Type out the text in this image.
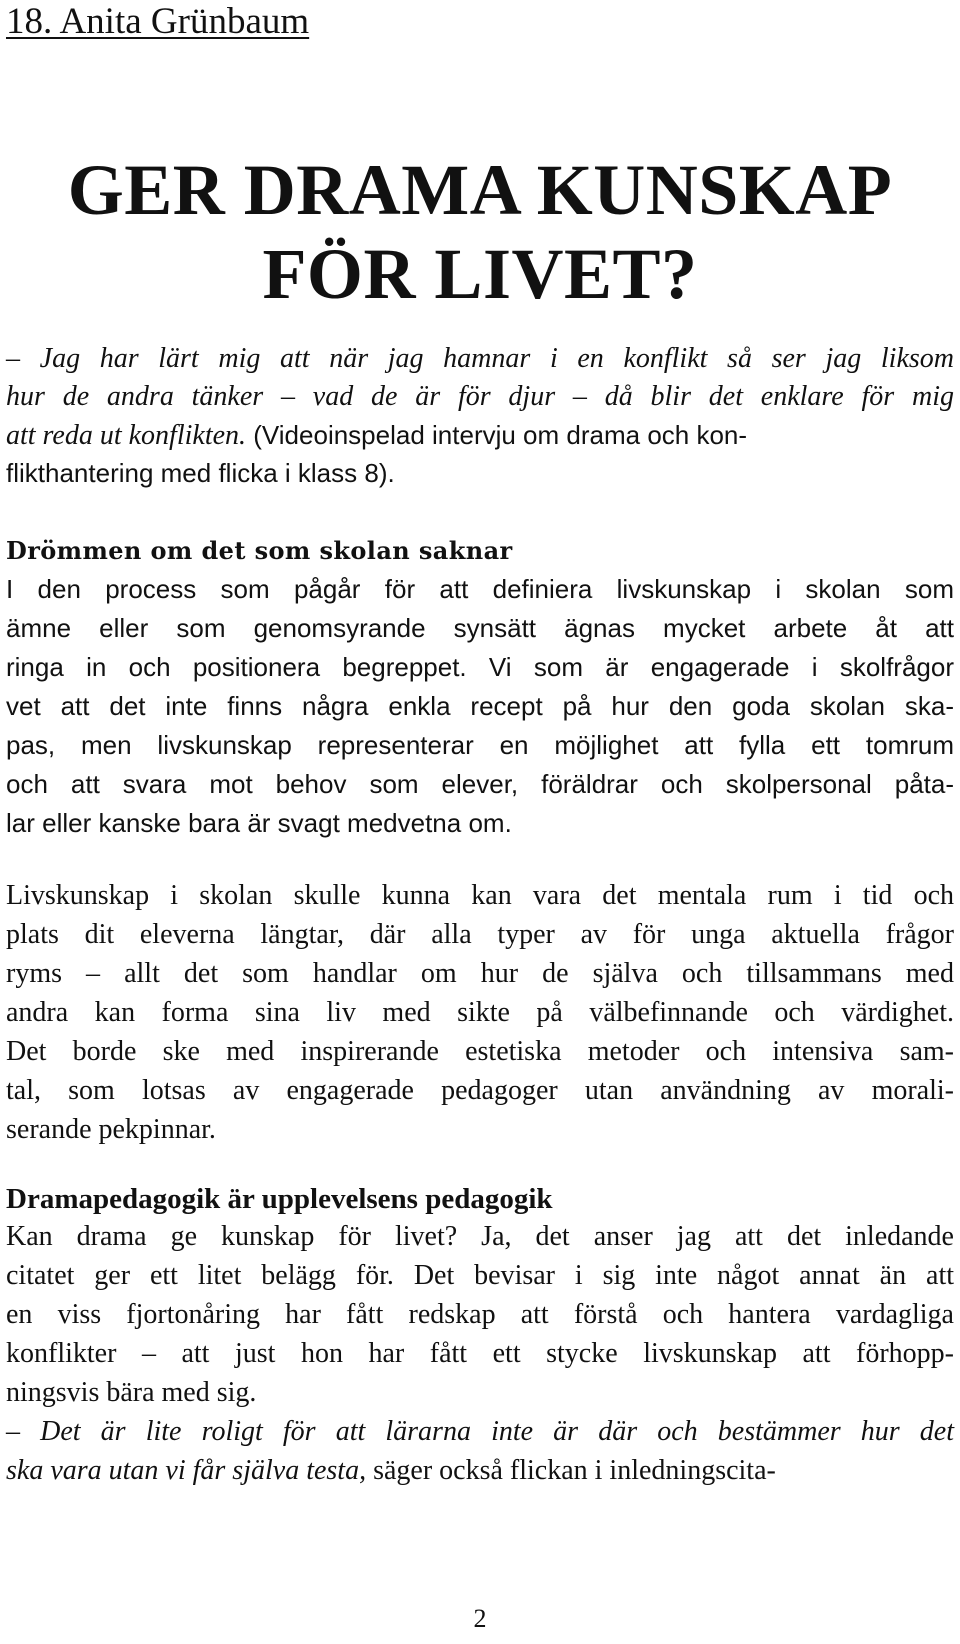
18. Anita Grünbaum
GER DRAMA KUNSKAP
FÖR LIVET?
– Jag har lärt mig att när jag hamnar i en konflikt så ser jag liksom
hur de andra tänker – vad de är för djur – då blir det enklare för mig
att reda ut konflikten. (Videoinspelad intervju om drama och kon-
flikthantering med flicka i klass 8).
Drömmen om det som skolan saknar
I den process som pågår för att definiera livskunskap i skolan som
ämne eller som genomsyrande synsätt ägnas mycket arbete åt att
ringa in och positionera begreppet. Vi som är engagerade i skolfrågor
vet att det inte finns några enkla recept på hur den goda skolan ska-
pas, men livskunskap representerar en möjlighet att fylla ett tomrum
och att svara mot behov som elever, föräldrar och skolpersonal påta-
lar eller kanske bara är svagt medvetna om.
Livskunskap i skolan skulle kunna kan vara det mentala rum i tid och
plats dit eleverna längtar, där alla typer av för unga aktuella frågor
ryms – allt det som handlar om hur de själva och tillsammans med
andra kan forma sina liv med sikte på välbefinnande och värdighet.
Det borde ske med inspirerande estetiska metoder och intensiva sam-
tal, som lotsas av engagerade pedagoger utan användning av morali-
serande pekpinnar.
Dramapedagogik är upplevelsens pedagogik
Kan drama ge kunskap för livet? Ja, det anser jag att det inledande
citatet ger ett litet belägg för. Det bevisar i sig inte något annat än att
en viss fjortonåring har fått redskap att förstå och hantera vardagliga
konflikter – att just hon har fått ett stycke livskunskap att förhopp-
ningsvis bära med sig.
– Det är lite roligt för att lärarna inte är där och bestämmer hur det
ska vara utan vi får själva testa, säger också flickan i inledningscita-
2
